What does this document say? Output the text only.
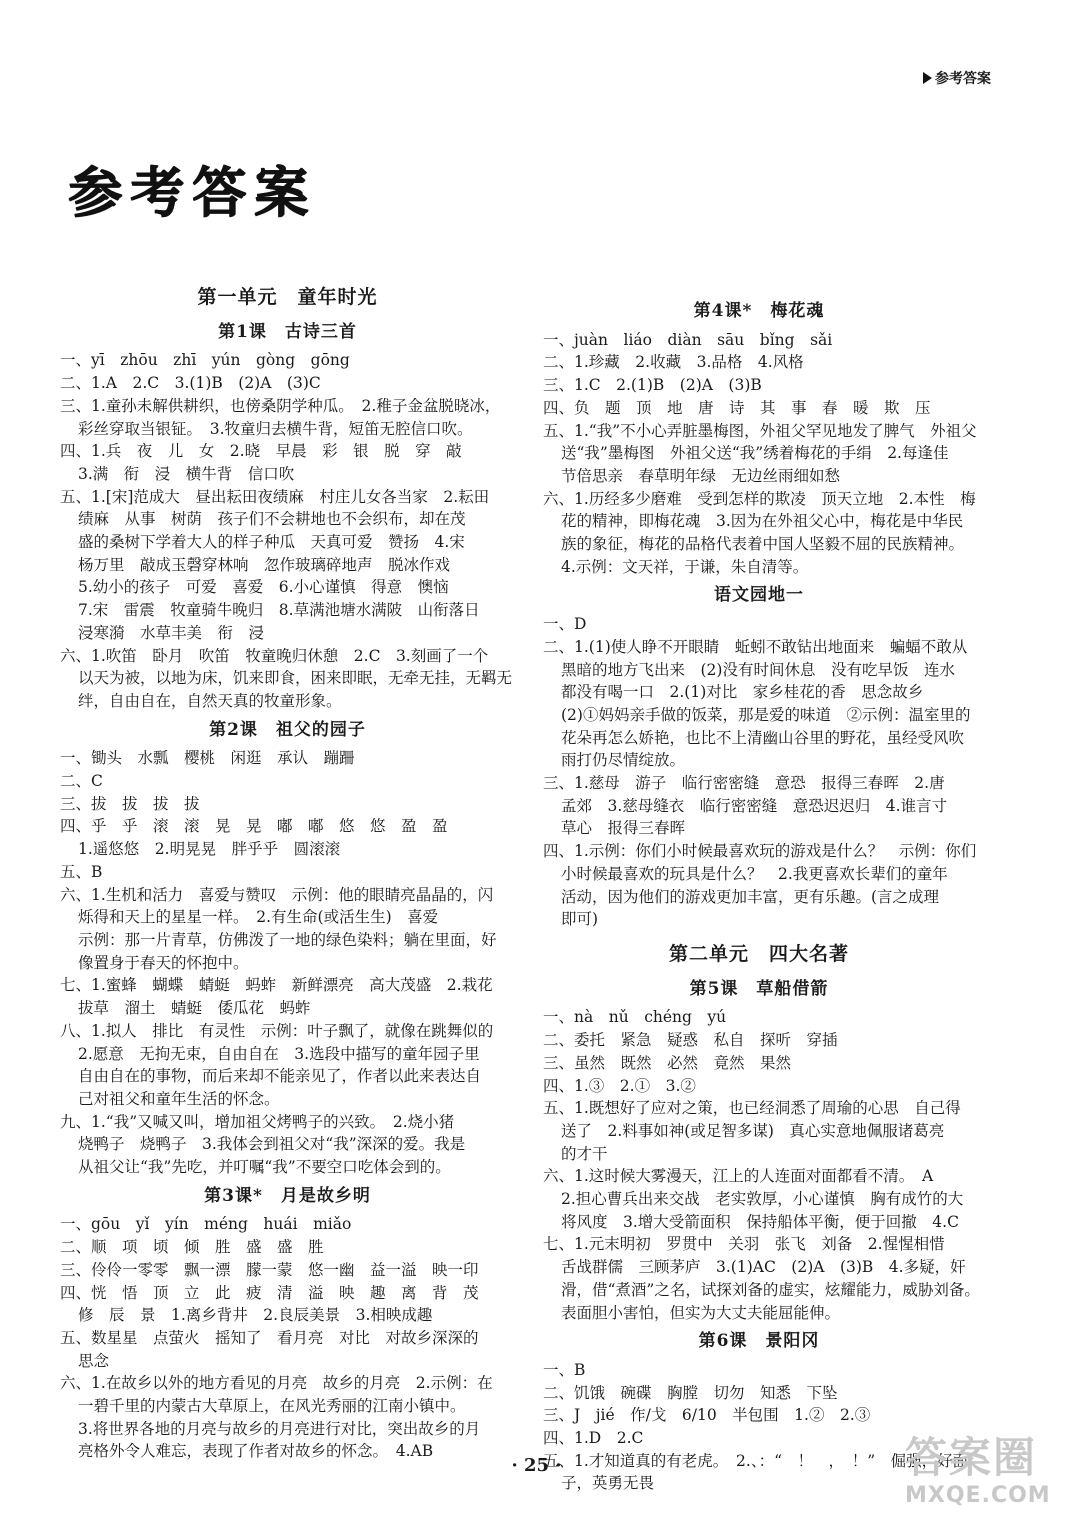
参考答案
参考答案
第一单元　童年时光
第1课　古诗三首
一、yī　zhōu　zhī　yún　gòng　gōng
二、1.A　2.C　3.(1)B　(2)A　(3)C
三、1.童孙未解供耕织，也傍桑阴学种瓜。　2.稚子金盆脱晓冰，
彩丝穿取当银钲。　3.牧童归去横牛背，短笛无腔信口吹。
四、1.兵　夜　儿　女　2.晓　早晨　彩　银　脱　穿　敲
3.满　衔　浸　横牛背　信口吹
五、1.[宋]范成大　昼出耘田夜绩麻　村庄儿女各当家　2.耘田
绩麻　从事　树荫　孩子们不会耕地也不会织布，却在茂
盛的桑树下学着大人的样子种瓜　天真可爱　赞扬　4.宋
杨万里　敲成玉磬穿林响　忽作玻璃碎地声　脱冰作戏
5.幼小的孩子　可爱　喜爱　6.小心谨慎　得意　懊恼
7.宋　雷震　牧童骑牛晚归　8.草满池塘水满陂　山衔落日
浸寒漪　水草丰美　衔　浸
六、1.吹笛　卧月　吹笛　牧童晚归休憩　2.C　3.刻画了一个
以天为被，以地为床，饥来即食，困来即眠，无牵无挂，无羁无
绊，自由自在，自然天真的牧童形象。
第2课　祖父的园子
一、锄头　水瓢　樱桃　闲逛　承认　蹦跚
二、C
三、拔　拔　拔　拔
四、乎　乎　滚　滚　晃　晃　嘟　嘟　悠　悠　盈　盈
1.遥悠悠　2.明晃晃　胖乎乎　圆滚滚
五、B
六、1.生机和活力　喜爱与赞叹　示例：他的眼睛亮晶晶的，闪
烁得和天上的星星一样。　2.有生命(或活生生)　喜爱
示例：那一片青草，仿佛泼了一地的绿色染料；躺在里面，好
像置身于春天的怀抱中。
七、1.蜜蜂　蝴蝶　蜻蜓　蚂蚱　新鲜漂亮　高大茂盛　2.栽花
拔草　溜土　蜻蜓　倭瓜花　蚂蚱
八、1.拟人　排比　有灵性　示例：叶子飘了，就像在跳舞似的
2.愿意　无拘无束，自由自在　3.选段中描写的童年园子里
自由自在的事物，而后来却不能亲见了，作者以此来表达自
己对祖父和童年生活的怀念。
九、1.“我”又喊又叫，增加祖父烤鸭子的兴致。　2.烧小猪
烧鸭子　烧鸭子　3.我体会到祖父对“我”深深的爱。我是
从祖父让“我”先吃，并叮嘱“我”不要空口吃体会到的。
第3课*　月是故乡明
一、gōu　yǐ　yín　méng　huái　miǎo
二、顺　项　顷　倾　胜　盛　盛　胜
三、伶伶一零零　飘一漂　朦一蒙　悠一幽　益一溢　映一印
四、恍　悟　顶　立　此　疲　清　溢　映　趣　离　背　茂
修　辰　景　1.离乡背井　2.良辰美景　3.相映成趣
五、数星星　点萤火　摇知了　看月亮　对比　对故乡深深的
思念
六、1.在故乡以外的地方看见的月亮　故乡的月亮　2.示例：在
一碧千里的内蒙古大草原上，在风光秀丽的江南小镇中。
3.将世界各地的月亮与故乡的月亮进行对比，突出故乡的月
亮格外令人难忘，表现了作者对故乡的怀念。　4.AB
第4课*　梅花魂
一、juàn　liáo　diàn　sāu　bǐng　sǎi
二、1.珍藏　2.收藏　3.品格　4.风格
三、1.C　2.(1)B　(2)A　(3)B
四、负　题　顶　地　唐　诗　其　事　春　暖　欺　压
五、1.“我”不小心弄脏墨梅图，外祖父罕见地发了脾气　外祖父
送“我”墨梅图　外祖父送“我”绣着梅花的手绢　2.每逢佳
节倍思亲　春草明年绿　无边丝雨细如愁
六、1.历经多少磨难　受到怎样的欺凌　顶天立地　2.本性　梅
花的精神，即梅花魂　3.因为在外祖父心中，梅花是中华民
族的象征，梅花的品格代表着中国人坚毅不屈的民族精神。
4.示例：文天祥，于谦，朱自清等。
语文园地一
一、D
二、1.(1)使人睁不开眼睛　蚯蚓不敢钻出地面来　蝙蝠不敢从
黑暗的地方飞出来　(2)没有时间休息　没有吃早饭　连水
都没有喝一口　2.(1)对比　家乡桂花的香　思念故乡
(2)①妈妈亲手做的饭菜，那是爱的味道　②示例：温室里的
花朵再怎么娇艳，也比不上清幽山谷里的野花，虽经受风吹
雨打仍尽情绽放。
三、1.慈母　游子　临行密密缝　意恐　报得三春晖　2.唐
孟郊　3.慈母缝衣　临行密密缝　意恐迟迟归　4.谁言寸
草心　报得三春晖
四、1.示例：你们小时候最喜欢玩的游戏是什么？　示例：你们
小时候最喜欢的玩具是什么？　2.我更喜欢长辈们的童年
活动，因为他们的游戏更加丰富，更有乐趣。(言之成理
即可)
第二单元　四大名著
第5课　草船借箭
一、nà　nǔ　chéng　yú
二、委托　紧急　疑惑　私自　探听　穿插
三、虽然　既然　必然　竟然　果然
四、1.③　2.①　3.②
五、1.既想好了应对之策，也已经洞悉了周瑜的心思　自己得
送了　2.料事如神(或足智多谋)　真心实意地佩服诸葛亮
的才干
六、1.这时候大雾漫天，江上的人连面对面都看不清。　A
2.担心曹兵出来交战　老实敦厚，小心谨慎　胸有成竹的大
将风度　3.增大受箭面积　保持船体平衡，便于回撤　4.C
七、1.元末明初　罗贯中　关羽　张飞　刘备　2.惺惺相惜
舌战群儒　三顾茅庐　3.(1)AC　(2)A　(3)B　4.多疑，奸
滑，借“煮酒”之名，试探刘备的虚实，炫耀能力，威胁刘备。
表面胆小害怕，但实为大丈夫能屈能伸。
第6课　景阳冈
一、B
二、饥饿　碗碟　胸膛　切勿　知悉　下坠
三、J　jié　作/戈　6/10　半包围　1.②　2.③
四、1.D　2.C
五、1.才知道真的有老虎。　2.、：“　！　，　！”　倔强，好面
子，英勇无畏
· 25 ·	答案圈
MXQE.COM
